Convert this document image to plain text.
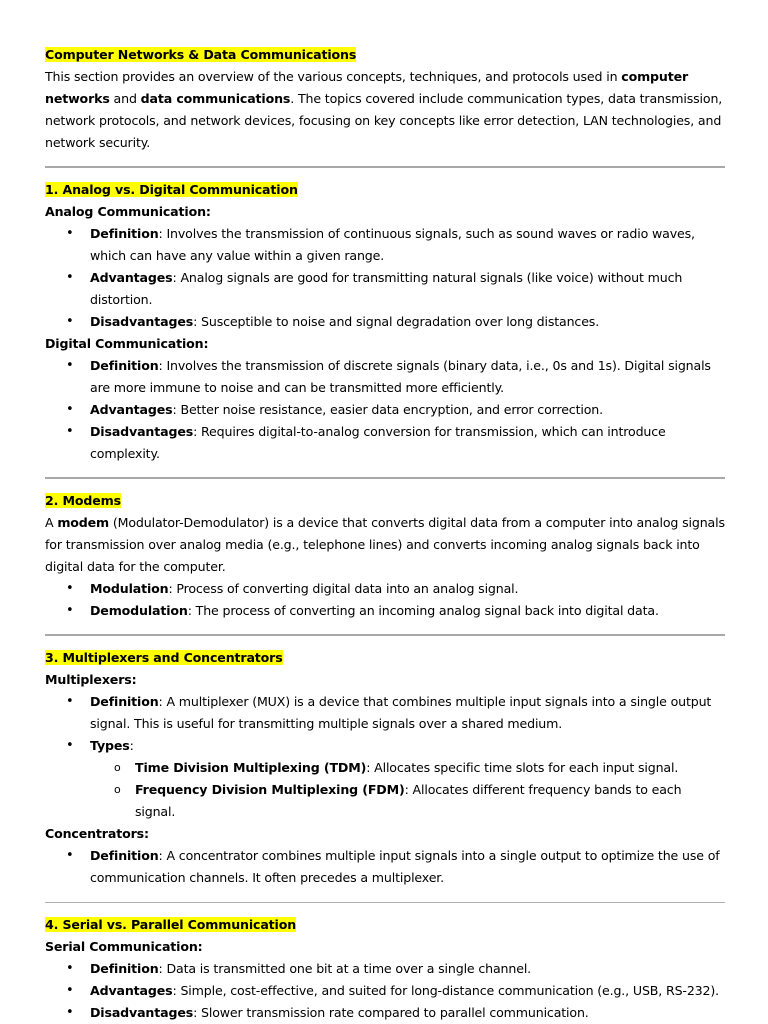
Computer Networks & Data Communications

This section provides an overview of the various concepts, techniques, and protocols used in computer networks and data communications. The topics covered include communication types, data transmission, network protocols, and network devices, focusing on key concepts like error detection, LAN technologies, and network security.

1. Analog vs. Digital Communication
Analog Communication:
• Definition: Involves the transmission of continuous signals, such as sound waves or radio waves, which can have any value within a given range.
• Advantages: Analog signals are good for transmitting natural signals (like voice) without much distortion.
• Disadvantages: Susceptible to noise and signal degradation over long distances.
Digital Communication:
• Definition: Involves the transmission of discrete signals (binary data, i.e., 0s and 1s). Digital signals are more immune to noise and can be transmitted more efficiently.
• Advantages: Better noise resistance, easier data encryption, and error correction.
• Disadvantages: Requires digital-to-analog conversion for transmission, which can introduce complexity.
2. Modems

A modem (Modulator-Demodulator) is a device that converts digital data from a computer into analog signals for transmission over analog media (e.g., telephone lines) and converts incoming analog signals back into digital data for the computer.

• Modulation: Process of converting digital data into an analog signal.
• Demodulation: The process of converting an incoming analog signal back into digital data.
3. Multiplexers and Concentrators
Multiplexers:
• Definition: A multiplexer (MUX) is a device that combines multiple input signals into a single output signal. This is useful for transmitting multiple signals over a shared medium.
• Types:
o Time Division Multiplexing (TDM): Allocates specific time slots for each input signal.
o Frequency Division Multiplexing (FDM): Allocates different frequency bands to each signal.
Concentrators:
• Definition: A concentrator combines multiple input signals into a single output to optimize the use of communication channels. It often precedes a multiplexer.
4. Serial vs. Parallel Communication
Serial Communication:
• Definition: Data is transmitted one bit at a time over a single channel.
• Advantages: Simple, cost-effective, and suited for long-distance communication (e.g., USB, RS-232).
• Disadvantages: Slower transmission rate compared to parallel communication.
